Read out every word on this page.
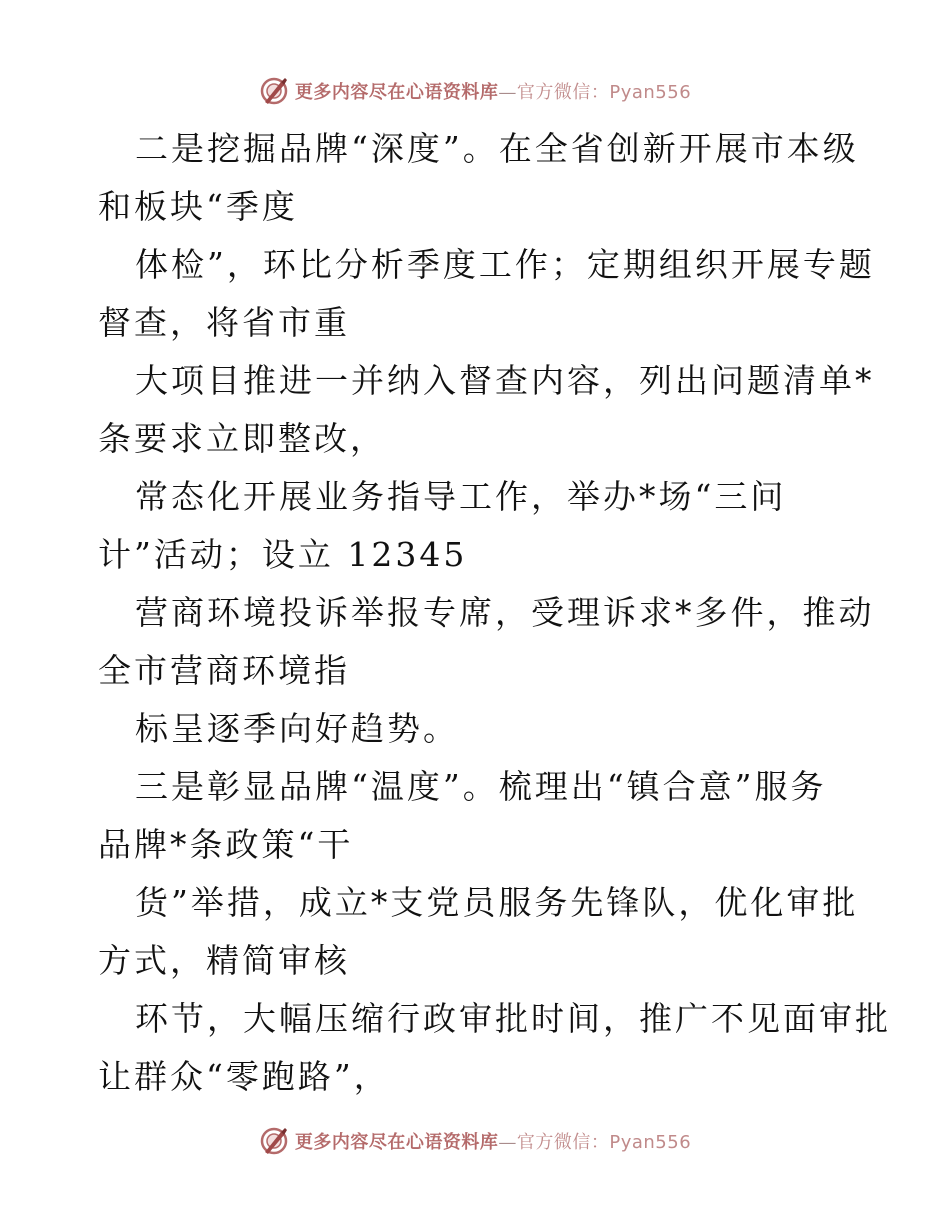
更多内容尽在心语资料库—官方微信：Pyan556
二是挖掘品牌“深度”。在全省创新开展市本级
和板块“季度
体检”，环比分析季度工作；定期组织开展专题
督查，将省市重
大项目推进一并纳入督查内容，列出问题清单*
条要求立即整改，
常态化开展业务指导工作，举办*场“三问
计”活动；设立 12345
营商环境投诉举报专席，受理诉求*多件，推动
全市营商环境指
标呈逐季向好趋势。
三是彰显品牌“温度”。梳理出“镇合意”服务
品牌*条政策“干
货”举措，成立*支党员服务先锋队，优化审批
方式，精简审核
环节，大幅压缩行政审批时间，推广不见面审批
让群众“零跑路”，
更多内容尽在心语资料库—官方微信：Pyan556
